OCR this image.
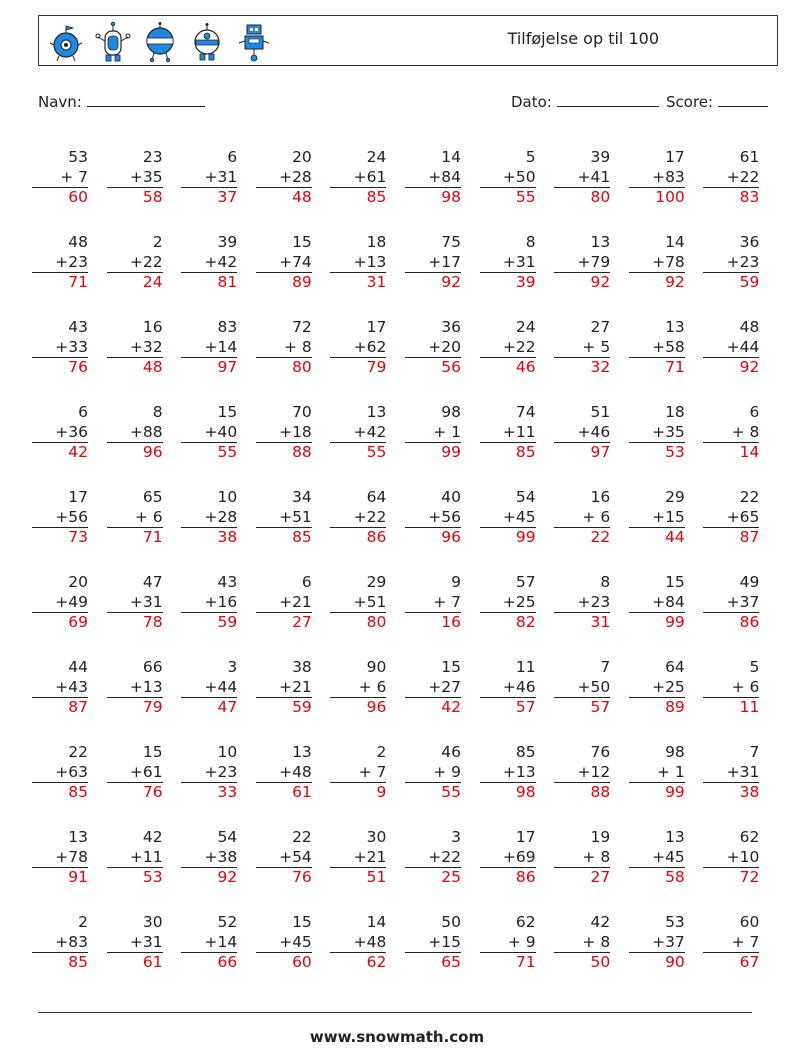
Tilføjelse op til 100
Navn:	Dato:	Score:
53
+ 7
60
23
+35
58
6
+31
37
20
+28
48
24
+61
85
14
+84
98
5
+50
55
39
+41
80
17
+83
100
61
+22
83
48
+23
71
2
+22
24
39
+42
81
15
+74
89
18
+13
31
75
+17
92
8
+31
39
13
+79
92
14
+78
92
36
+23
59
43
+33
76
16
+32
48
83
+14
97
72
+ 8
80
17
+62
79
36
+20
56
24
+22
46
27
+ 5
32
13
+58
71
48
+44
92
6
+36
42
8
+88
96
15
+40
55
70
+18
88
13
+42
55
98
+ 1
99
74
+11
85
51
+46
97
18
+35
53
6
+ 8
14
17
+56
73
65
+ 6
71
10
+28
38
34
+51
85
64
+22
86
40
+56
96
54
+45
99
16
+ 6
22
29
+15
44
22
+65
87
20
+49
69
47
+31
78
43
+16
59
6
+21
27
29
+51
80
9
+ 7
16
57
+25
82
8
+23
31
15
+84
99
49
+37
86
44
+43
87
66
+13
79
3
+44
47
38
+21
59
90
+ 6
96
15
+27
42
11
+46
57
7
+50
57
64
+25
89
5
+ 6
11
22
+63
85
15
+61
76
10
+23
33
13
+48
61
2
+ 7
9
46
+ 9
55
85
+13
98
76
+12
88
98
+ 1
99
7
+31
38
13
+78
91
42
+11
53
54
+38
92
22
+54
76
30
+21
51
3
+22
25
17
+69
86
19
+ 8
27
13
+45
58
62
+10
72
2
+83
85
30
+31
61
52
+14
66
15
+45
60
14
+48
62
50
+15
65
62
+ 9
71
42
+ 8
50
53
+37
90
60
+ 7
67
www.snowmath.com
